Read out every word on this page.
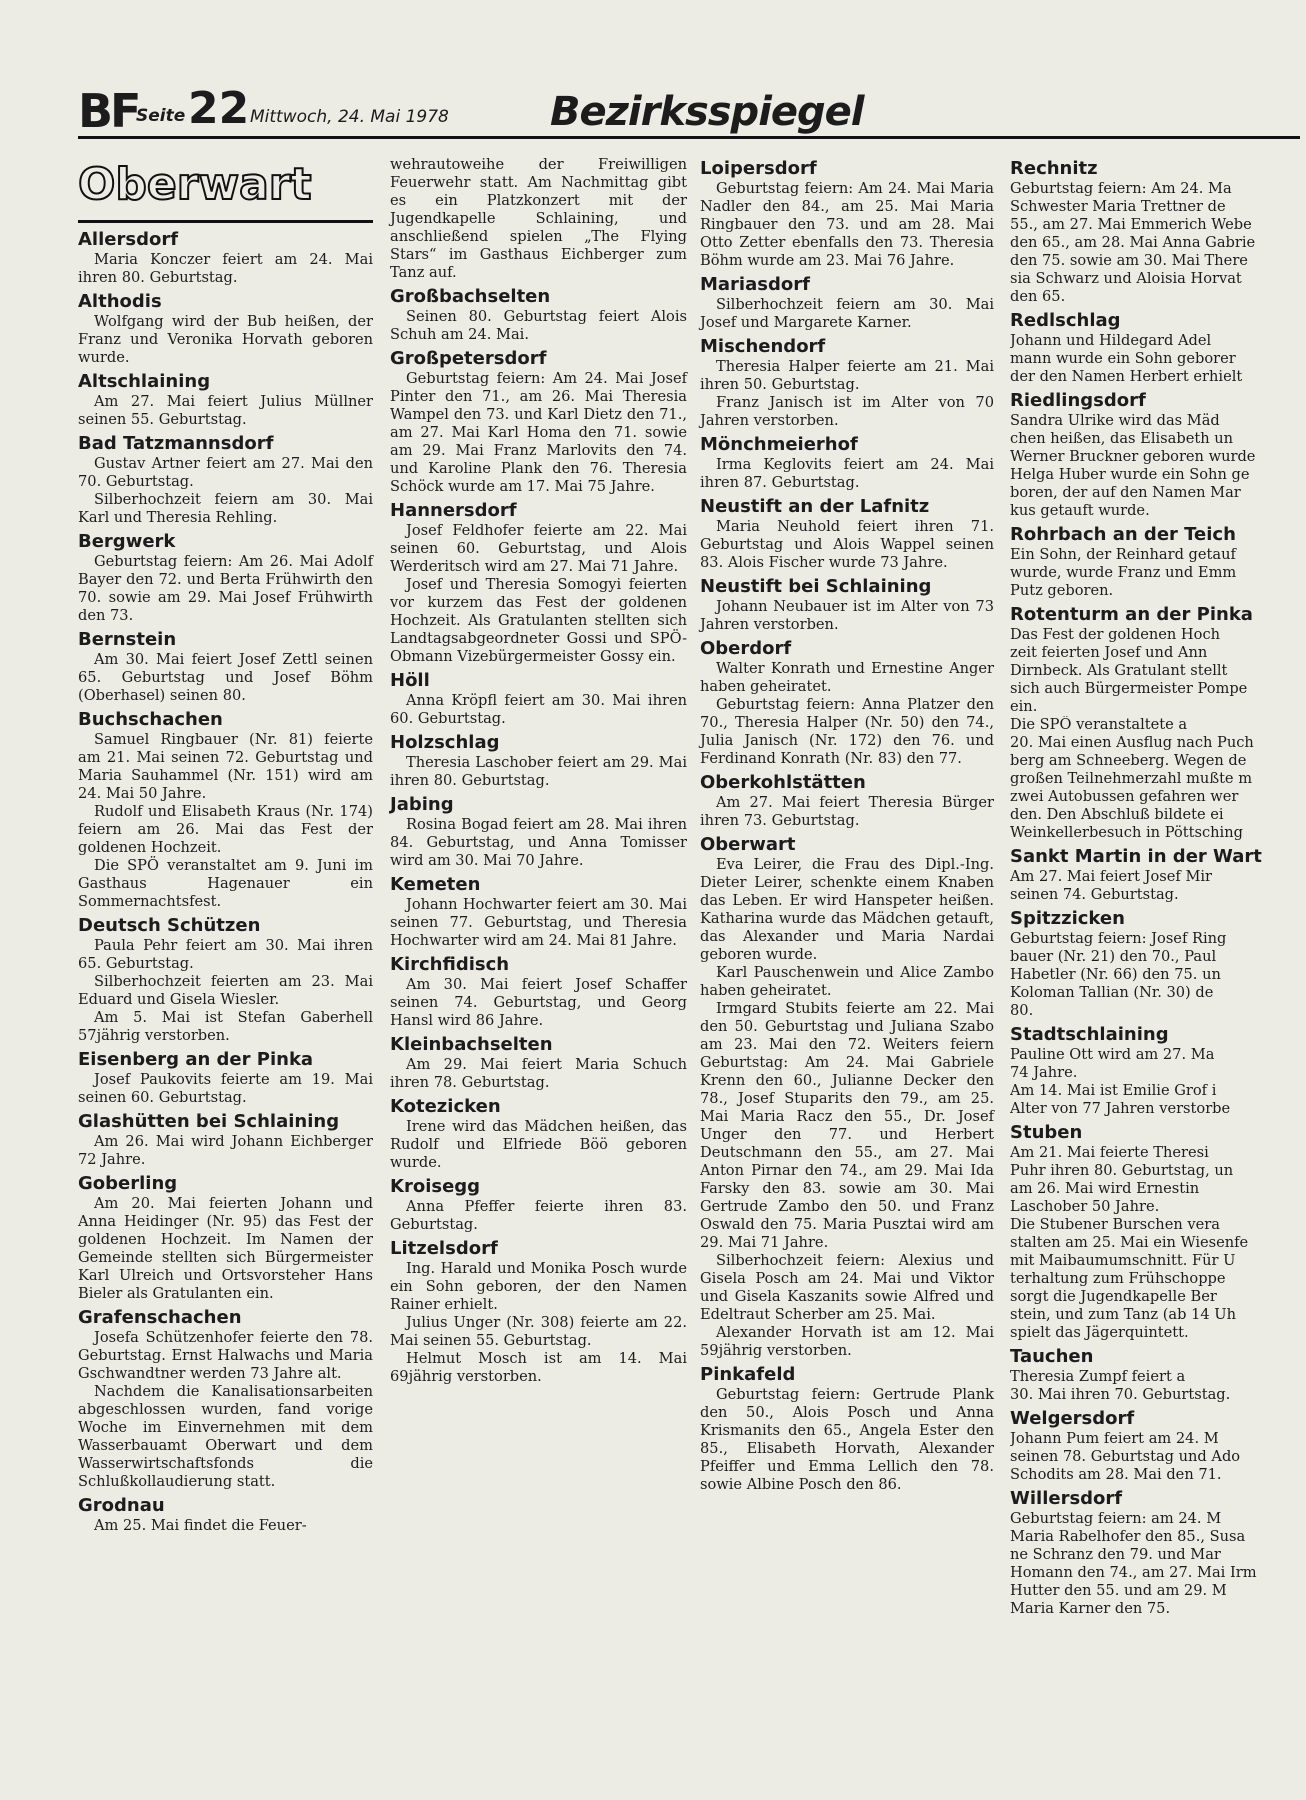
BF
Seite 22 Mittwoch, 24. Mai 1978	Bezirksspiegel
Oberwart
Allersdorf
Maria Konczer feiert am 24. Mai ihren 80. Geburtstag.
Althodis
Wolfgang wird der Bub heißen, der Franz und Veronika Horvath geboren wurde.
Altschlaining
Am 27. Mai feiert Julius Müllner seinen 55. Geburtstag.
Bad Tatzmannsdorf
Gustav Artner feiert am 27. Mai den 70. Geburtstag.
Silberhochzeit feiern am 30. Mai Karl und Theresia Rehling.
Bergwerk
Geburtstag feiern: Am 26. Mai Adolf Bayer den 72. und Berta Frühwirth den 70. sowie am 29. Mai Josef Frühwirth den 73.
Bernstein
Am 30. Mai feiert Josef Zettl seinen 65. Geburtstag und Josef Böhm (Oberhasel) seinen 80.
Buchschachen
Samuel Ringbauer (Nr. 81) feierte am 21. Mai seinen 72. Geburtstag und Maria Sauhammel (Nr. 151) wird am 24. Mai 50 Jahre.
Rudolf und Elisabeth Kraus (Nr. 174) feiern am 26. Mai das Fest der goldenen Hochzeit.
Die SPÖ veranstaltet am 9. Juni im Gasthaus Hagenauer ein Sommernachtsfest.
Deutsch Schützen
Paula Pehr feiert am 30. Mai ihren 65. Geburtstag.
Silberhochzeit feierten am 23. Mai Eduard und Gisela Wiesler.
Am 5. Mai ist Stefan Gaberhell 57jährig verstorben.
Eisenberg an der Pinka
Josef Paukovits feierte am 19. Mai seinen 60. Geburtstag.
Glashütten bei Schlaining
Am 26. Mai wird Johann Eichberger 72 Jahre.
Goberling
Am 20. Mai feierten Johann und Anna Heidinger (Nr. 95) das Fest der goldenen Hochzeit. Im Namen der Gemeinde stellten sich Bürgermeister Karl Ulreich und Ortsvorsteher Hans Bieler als Gratulanten ein.
Grafenschachen
Josefa Schützenhofer feierte den 78. Geburtstag. Ernst Halwachs und Maria Gschwandtner werden 73 Jahre alt.
Nachdem die Kanalisationsarbeiten abgeschlossen wurden, fand vorige Woche im Einvernehmen mit dem Wasserbauamt Oberwart und dem Wasserwirtschaftsfonds die Schlußkollaudierung statt.
Grodnau
Am 25. Mai findet die Feuer-
wehrautoweihe der Freiwilligen Feuerwehr statt. Am Nachmittag gibt es ein Platzkonzert mit der Jugendkapelle Schlaining, und anschließend spielen „The Flying Stars“ im Gasthaus Eichberger zum Tanz auf.
Großbachselten
Seinen 80. Geburtstag feiert Alois Schuh am 24. Mai.
Großpetersdorf
Geburtstag feiern: Am 24. Mai Josef Pinter den 71., am 26. Mai Theresia Wampel den 73. und Karl Dietz den 71., am 27. Mai Karl Homa den 71. sowie am 29. Mai Franz Marlovits den 74. und Karoline Plank den 76. Theresia Schöck wurde am 17. Mai 75 Jahre.
Hannersdorf
Josef Feldhofer feierte am 22. Mai seinen 60. Geburtstag, und Alois Werderitsch wird am 27. Mai 71 Jahre.
Josef und Theresia Somogyi feierten vor kurzem das Fest der goldenen Hochzeit. Als Gratulanten stellten sich Landtagsabgeordneter Gossi und SPÖ-Obmann Vizebürgermeister Gossy ein.
Höll
Anna Kröpfl feiert am 30. Mai ihren 60. Geburtstag.
Holzschlag
Theresia Laschober feiert am 29. Mai ihren 80. Geburtstag.
Jabing
Rosina Bogad feiert am 28. Mai ihren 84. Geburtstag, und Anna Tomisser wird am 30. Mai 70 Jahre.
Kemeten
Johann Hochwarter feiert am 30. Mai seinen 77. Geburtstag, und Theresia Hochwarter wird am 24. Mai 81 Jahre.
Kirchfidisch
Am 30. Mai feiert Josef Schaffer seinen 74. Geburtstag, und Georg Hansl wird 86 Jahre.
Kleinbachselten
Am 29. Mai feiert Maria Schuch ihren 78. Geburtstag.
Kotezicken
Irene wird das Mädchen heißen, das Rudolf und Elfriede Böö geboren wurde.
Kroisegg
Anna Pfeffer feierte ihren 83. Geburtstag.
Litzelsdorf
Ing. Harald und Monika Posch wurde ein Sohn geboren, der den Namen Rainer erhielt.
Julius Unger (Nr. 308) feierte am 22. Mai seinen 55. Geburtstag.
Helmut Mosch ist am 14. Mai 69jährig verstorben.
Loipersdorf
Geburtstag feiern: Am 24. Mai Maria Nadler den 84., am 25. Mai Maria Ringbauer den 73. und am 28. Mai Otto Zetter ebenfalls den 73. Theresia Böhm wurde am 23. Mai 76 Jahre.
Mariasdorf
Silberhochzeit feiern am 30. Mai Josef und Margarete Karner.
Mischendorf
Theresia Halper feierte am 21. Mai ihren 50. Geburtstag.
Franz Janisch ist im Alter von 70 Jahren verstorben.
Mönchmeierhof
Irma Keglovits feiert am 24. Mai ihren 87. Geburtstag.
Neustift an der Lafnitz
Maria Neuhold feiert ihren 71. Geburtstag und Alois Wappel seinen 83. Alois Fischer wurde 73 Jahre.
Neustift bei Schlaining
Johann Neubauer ist im Alter von 73 Jahren verstorben.
Oberdorf
Walter Konrath und Ernestine Anger haben geheiratet.
Geburtstag feiern: Anna Platzer den 70., Theresia Halper (Nr. 50) den 74., Julia Janisch (Nr. 172) den 76. und Ferdinand Konrath (Nr. 83) den 77.
Oberkohlstätten
Am 27. Mai feiert Theresia Bürger ihren 73. Geburtstag.
Oberwart
Eva Leirer, die Frau des Dipl.-Ing. Dieter Leirer, schenkte einem Knaben das Leben. Er wird Hanspeter heißen. Katharina wurde das Mädchen getauft, das Alexander und Maria Nardai geboren wurde.
Karl Pauschenwein und Alice Zambo haben geheiratet.
Irmgard Stubits feierte am 22. Mai den 50. Geburtstag und Juliana Szabo am 23. Mai den 72. Weiters feiern Geburtstag: Am 24. Mai Gabriele Krenn den 60., Julianne Decker den 78., Josef Stuparits den 79., am 25. Mai Maria Racz den 55., Dr. Josef Unger den 77. und Herbert Deutschmann den 55., am 27. Mai Anton Pirnar den 74., am 29. Mai Ida Farsky den 83. sowie am 30. Mai Gertrude Zambo den 50. und Franz Oswald den 75. Maria Pusztai wird am 29. Mai 71 Jahre.
Silberhochzeit feiern: Alexius und Gisela Posch am 24. Mai und Viktor und Gisela Kaszanits sowie Alfred und Edeltraut Scherber am 25. Mai.
Alexander Horvath ist am 12. Mai 59jährig verstorben.
Pinkafeld
Geburtstag feiern: Gertrude Plank den 50., Alois Posch und Anna Krismanits den 65., Angela Ester den 85., Elisabeth Horvath, Alexander Pfeiffer und Emma Lellich den 78. sowie Albine Posch den 86.
Rechnitz
Geburtstag feiern: Am 24. Ma
Schwester Maria Trettner de
55., am 27. Mai Emmerich Webe
den 65., am 28. Mai Anna Gabrie
den 75. sowie am 30. Mai There
sia Schwarz und Aloisia Horvat
den 65.
Redlschlag
Johann und Hildegard Adel
mann wurde ein Sohn geborer
der den Namen Herbert erhielt
Riedlingsdorf
Sandra Ulrike wird das Mäd
chen heißen, das Elisabeth un
Werner Bruckner geboren wurde
Helga Huber wurde ein Sohn ge
boren, der auf den Namen Mar
kus getauft wurde.
Rohrbach an der Teich
Ein Sohn, der Reinhard getauf
wurde, wurde Franz und Emm
Putz geboren.
Rotenturm an der Pinka
Das Fest der goldenen Hoch
zeit feierten Josef und Ann
Dirnbeck. Als Gratulant stellt
sich auch Bürgermeister Pompe
ein.
Die SPÖ veranstaltete a
20. Mai einen Ausflug nach Puch
berg am Schneeberg. Wegen de
großen Teilnehmerzahl mußte m
zwei Autobussen gefahren wer
den. Den Abschluß bildete ei
Weinkellerbesuch in Pöttsching
Sankt Martin in der Wart
Am 27. Mai feiert Josef Mir
seinen 74. Geburtstag.
Spitzzicken
Geburtstag feiern: Josef Ring
bauer (Nr. 21) den 70., Paul
Habetler (Nr. 66) den 75. un
Koloman Tallian (Nr. 30) de
80.
Stadtschlaining
Pauline Ott wird am 27. Ma
74 Jahre.
Am 14. Mai ist Emilie Grof i
Alter von 77 Jahren verstorbe
Stuben
Am 21. Mai feierte Theresi
Puhr ihren 80. Geburtstag, un
am 26. Mai wird Ernestin
Laschober 50 Jahre.
Die Stubener Burschen vera
stalten am 25. Mai ein Wiesenfe
mit Maibaumumschnitt. Für U
terhaltung zum Frühschoppe
sorgt die Jugendkapelle Ber
stein, und zum Tanz (ab 14 Uh
spielt das Jägerquintett.
Tauchen
Theresia Zumpf feiert a
30. Mai ihren 70. Geburtstag.
Welgersdorf
Johann Pum feiert am 24. M
seinen 78. Geburtstag und Ado
Schodits am 28. Mai den 71.
Willersdorf
Geburtstag feiern: am 24. M
Maria Rabelhofer den 85., Susa
ne Schranz den 79. und Mar
Homann den 74., am 27. Mai Irm
Hutter den 55. und am 29. M
Maria Karner den 75.
